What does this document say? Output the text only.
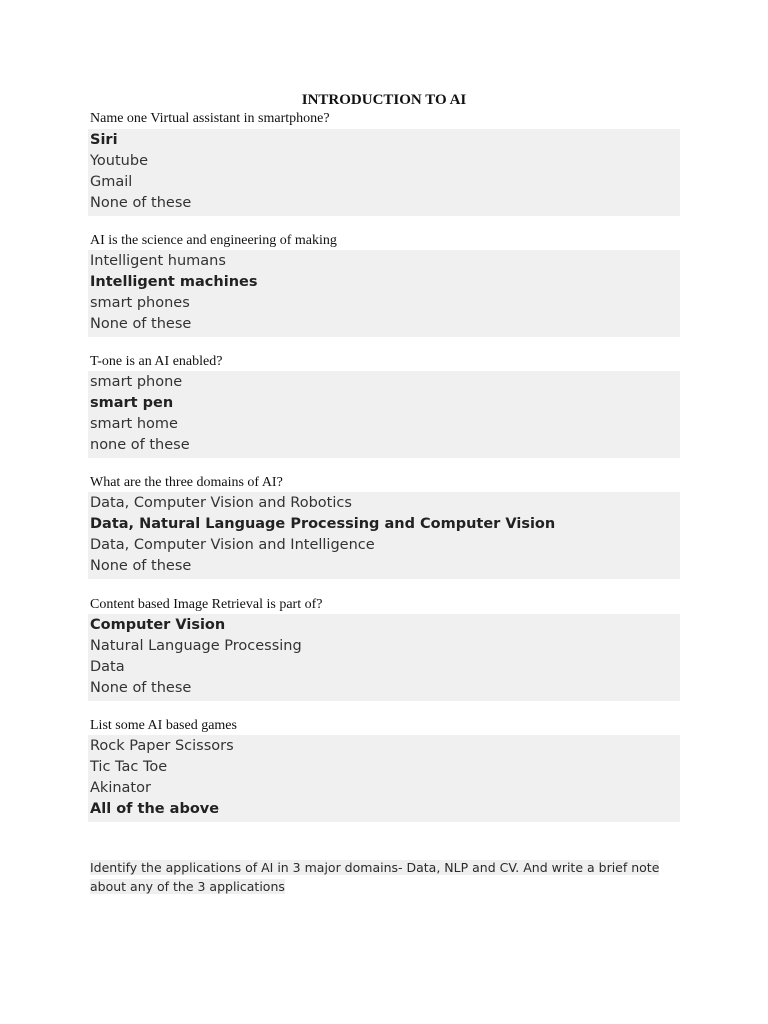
INTRODUCTION TO AI
Name one Virtual assistant in smartphone?
Siri
Youtube
Gmail
None of these
AI is the science and engineering of making
Intelligent humans
Intelligent machines
smart phones
None of these
T-one is an AI enabled?
smart phone
smart pen
smart home
none of these
What are the three domains of AI?
Data, Computer Vision and Robotics
Data, Natural Language Processing and Computer Vision
Data, Computer Vision and Intelligence
None of these
Content based Image Retrieval is part of?
Computer Vision
Natural Language Processing
Data
None of these
List some AI based games
Rock Paper Scissors
Tic Tac Toe
Akinator
All of the above
Identify the applications of AI in 3 major domains- Data, NLP and CV. And write a brief note about any of the 3 applications
